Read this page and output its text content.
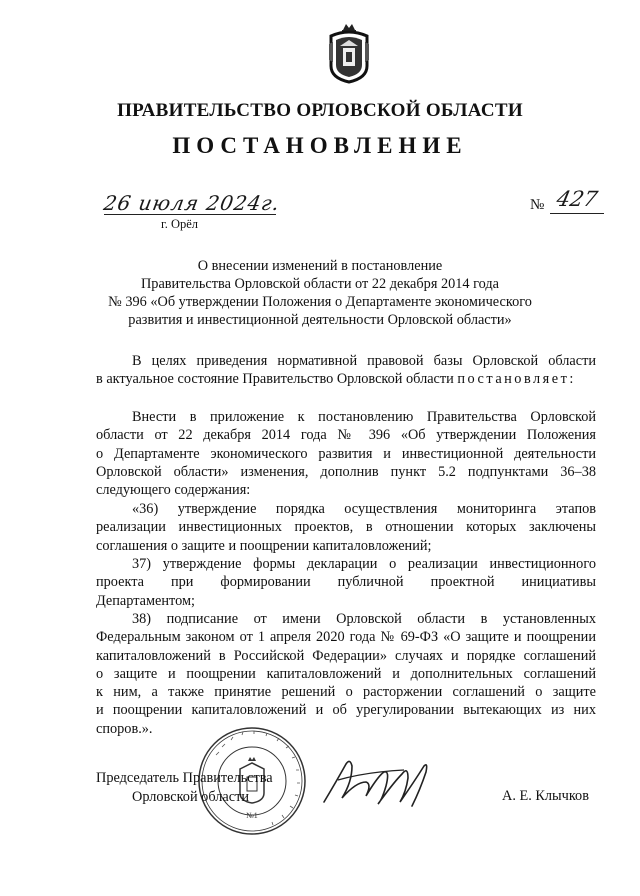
ПРАВИТЕЛЬСТВО ОРЛОВСКОЙ ОБЛАСТИ
ПОСТАНОВЛЕНИЕ
26 июля 2024г.
г. Орёл
№ 427
О внесении изменений в постановление
Правительства Орловской области от 22 декабря 2014 года
№ 396 «Об утверждении Положения о Департаменте экономического
развития и инвестиционной деятельности Орловской области»
В целях приведения нормативной правовой базы Орловской области
в актуальное состояние Правительство Орловской области постановляет:
Внести в приложение к постановлению Правительства Орловской
области от 22 декабря 2014 года № 396 «Об утверждении Положения
о Департаменте экономического развития и инвестиционной деятельности
Орловской области» изменения, дополнив пункт 5.2 подпунктами 36–38
следующего содержания:
«36) утверждение порядка осуществления мониторинга этапов
реализации инвестиционных проектов, в отношении которых заключены
соглашения о защите и поощрении капиталовложений;
37) утверждение формы декларации о реализации инвестиционного
проекта при формировании публичной проектной инициативы
Департаментом;
38) подписание от имени Орловской области в установленных
Федеральным законом от 1 апреля 2020 года № 69-ФЗ «О защите и поощрении
капиталовложений в Российской Федерации» случаях и порядке соглашений
о защите и поощрении капиталовложений и дополнительных соглашений
к ним, а также принятие решений о расторжении соглашений о защите
и поощрении капиталовложений и об урегулировании вытекающих из них
споров.».
№1
Председатель Правительства
Орловской области	А. Е. Клычков
